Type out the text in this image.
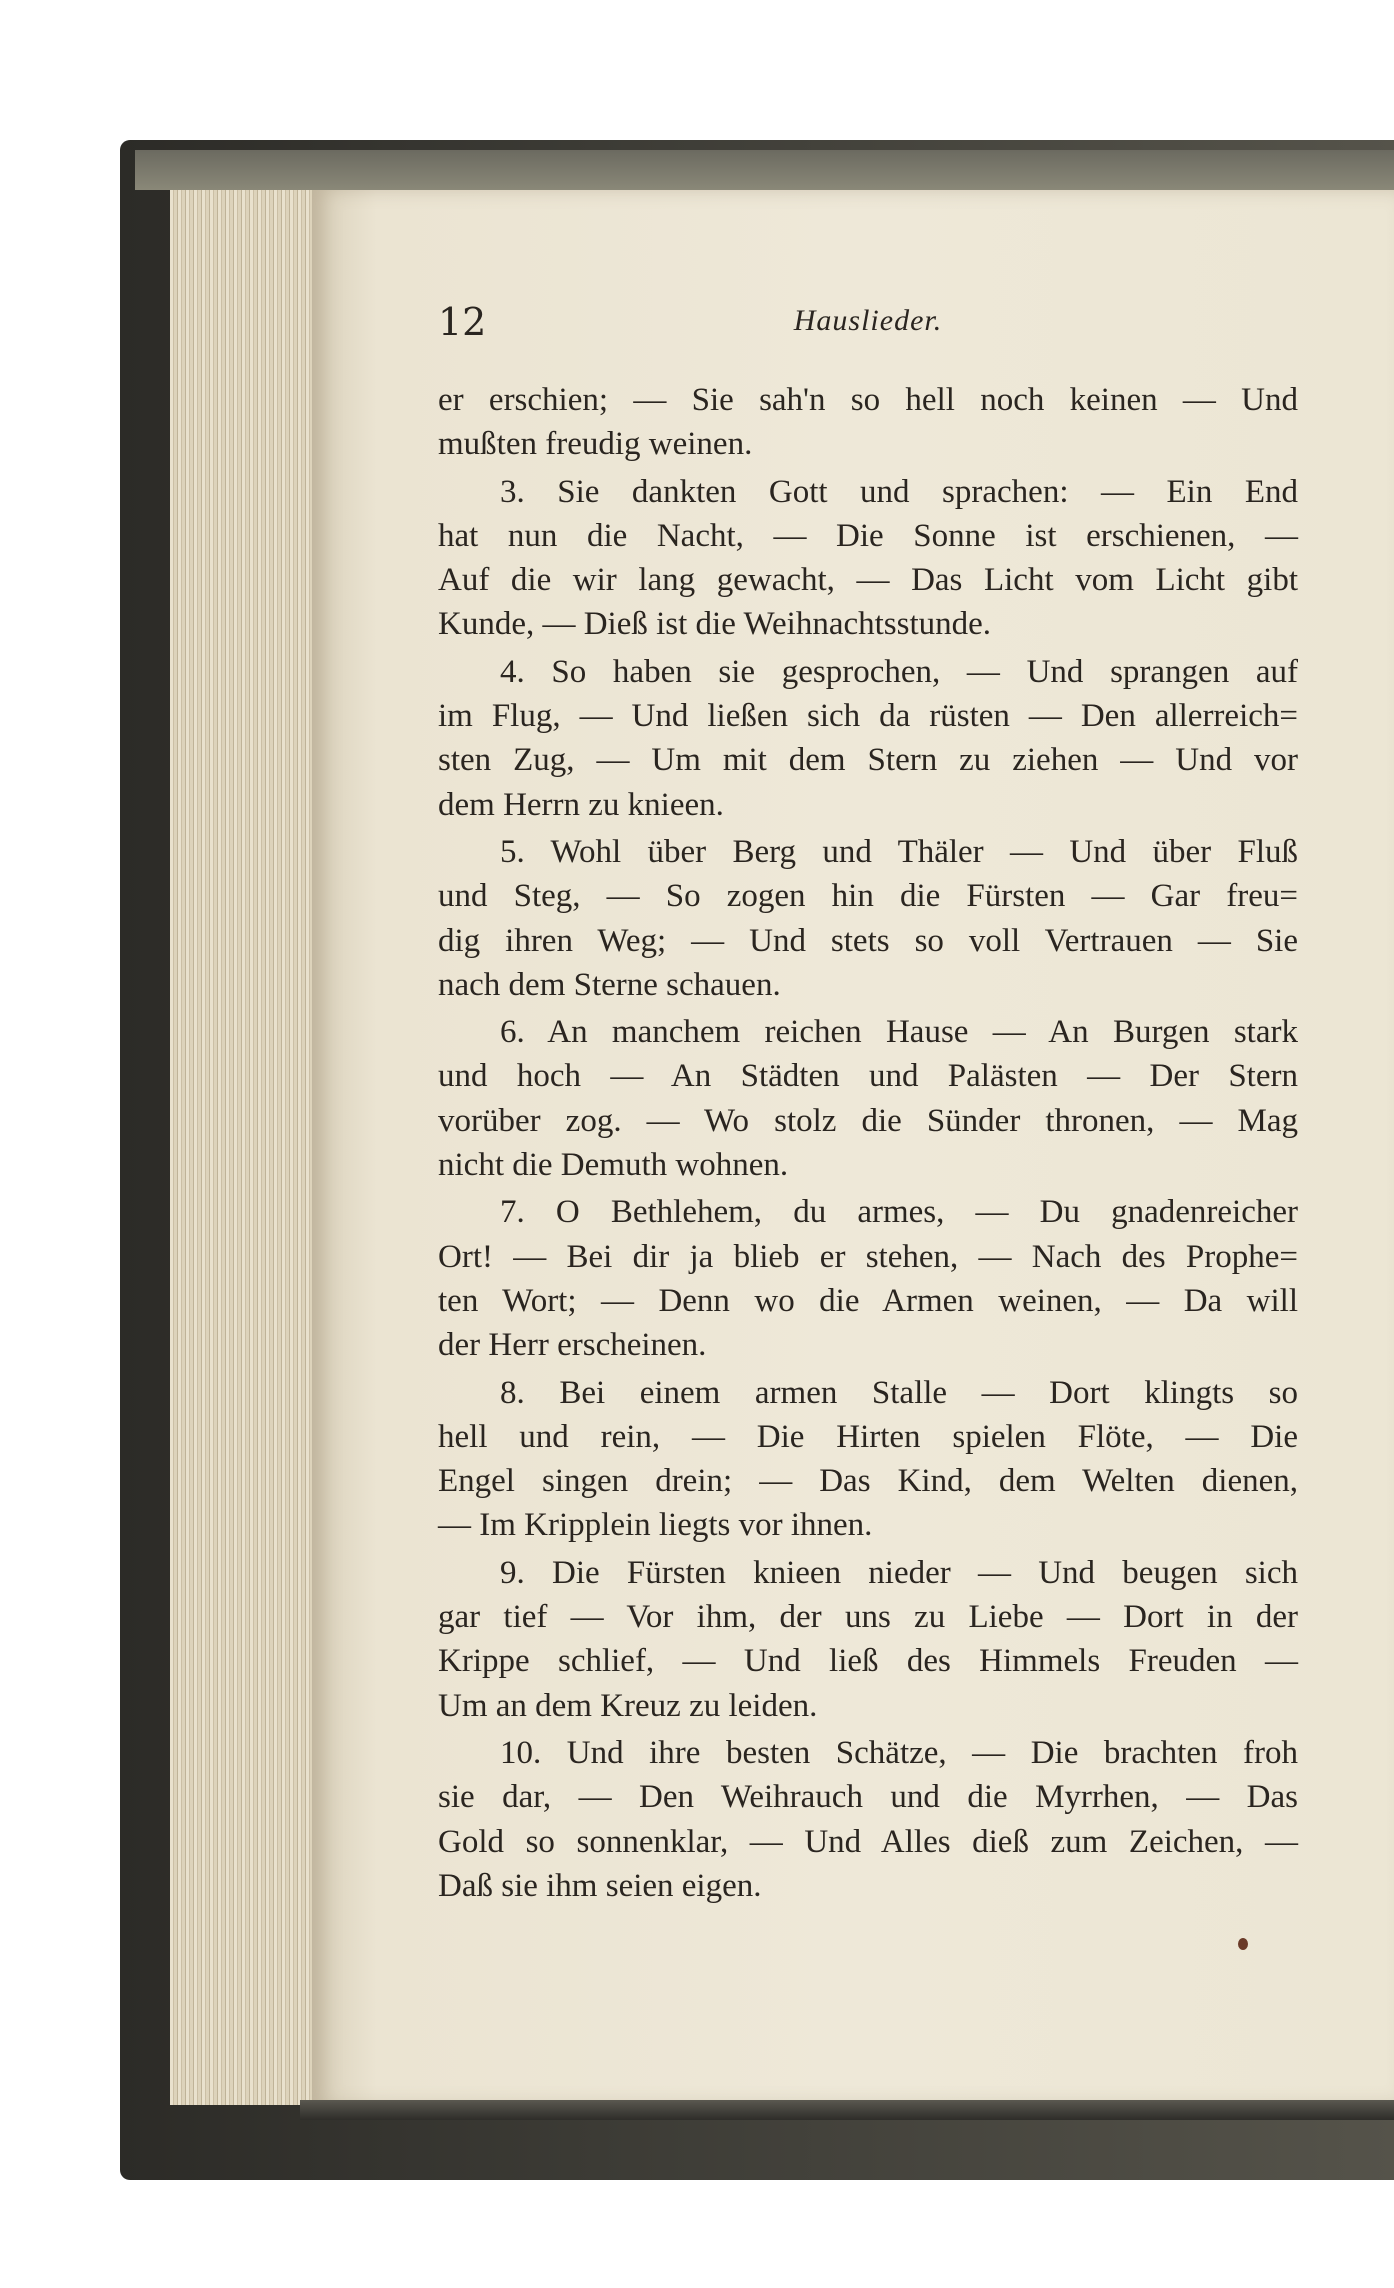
12	Hauslieder.
er erschien; — Sie sah'n so hell noch keinen — Und
mußten freudig weinen.
3. Sie dankten Gott und sprachen: — Ein End
hat nun die Nacht, — Die Sonne ist erschienen, —
Auf die wir lang gewacht, — Das Licht vom Licht gibt
Kunde, — Dieß ist die Weihnachtsstunde.
4. So haben sie gesprochen, — Und sprangen auf
im Flug, — Und ließen sich da rüsten — Den allerreich=
sten Zug, — Um mit dem Stern zu ziehen — Und vor
dem Herrn zu knieen.
5. Wohl über Berg und Thäler — Und über Fluß
und Steg, — So zogen hin die Fürsten — Gar freu=
dig ihren Weg; — Und stets so voll Vertrauen — Sie
nach dem Sterne schauen.
6. An manchem reichen Hause — An Burgen stark
und hoch — An Städten und Palästen — Der Stern
vorüber zog. — Wo stolz die Sünder thronen, — Mag
nicht die Demuth wohnen.
7. O Bethlehem, du armes, — Du gnadenreicher
Ort! — Bei dir ja blieb er stehen, — Nach des Prophe=
ten Wort; — Denn wo die Armen weinen, — Da will
der Herr erscheinen.
8. Bei einem armen Stalle — Dort klingts so
hell und rein, — Die Hirten spielen Flöte, — Die
Engel singen drein; — Das Kind, dem Welten dienen,
— Im Kripplein liegts vor ihnen.
9. Die Fürsten knieen nieder — Und beugen sich
gar tief — Vor ihm, der uns zu Liebe — Dort in der
Krippe schlief, — Und ließ des Himmels Freuden —
Um an dem Kreuz zu leiden.
10. Und ihre besten Schätze, — Die brachten froh
sie dar, — Den Weihrauch und die Myrrhen, — Das
Gold so sonnenklar, — Und Alles dieß zum Zeichen, —
Daß sie ihm seien eigen.
